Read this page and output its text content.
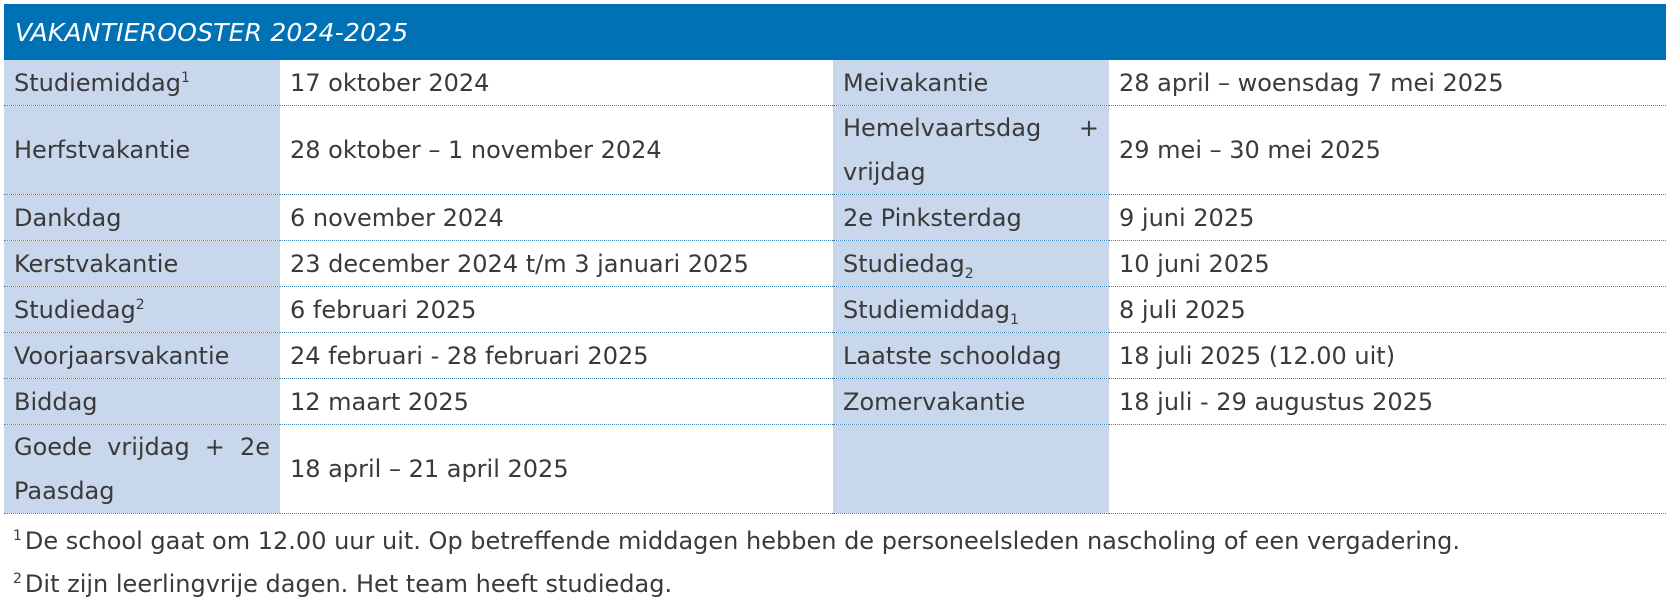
VAKANTIEROOSTER 2024-2025
Studiemiddag$^1$	17 oktober 2024	Meivakantie	28 april – woensdag 7 mei 2025
Herfstvakantie	28 oktober – 1 november 2024	Hemelvaartsdag + vrijdag	29 mei – 30 mei 2025
Dankdag	6 november 2024	2e Pinksterdag	9 juni 2025
Kerstvakantie	23 december 2024 t/m 3 januari 2025	Studiedag$_2$	10 juni 2025
Studiedag$^2$	6 februari 2025	Studiemiddag$_1$	8 juli 2025
Voorjaarsvakantie	24 februari - 28 februari 2025	Laatste schooldag	18 juli 2025 (12.00 uit)
Biddag	12 maart 2025	Zomervakantie	18 juli - 29 augustus 2025
Goede vrijdag + 2e Paasdag	18 april – 21 april 2025		
$^1$ De school gaat om 12.00 uur uit. Op betreffende middagen hebben de personeelsleden nascholing of een vergadering.
$^2$ Dit zijn leerlingvrije dagen. Het team heeft studiedag.
